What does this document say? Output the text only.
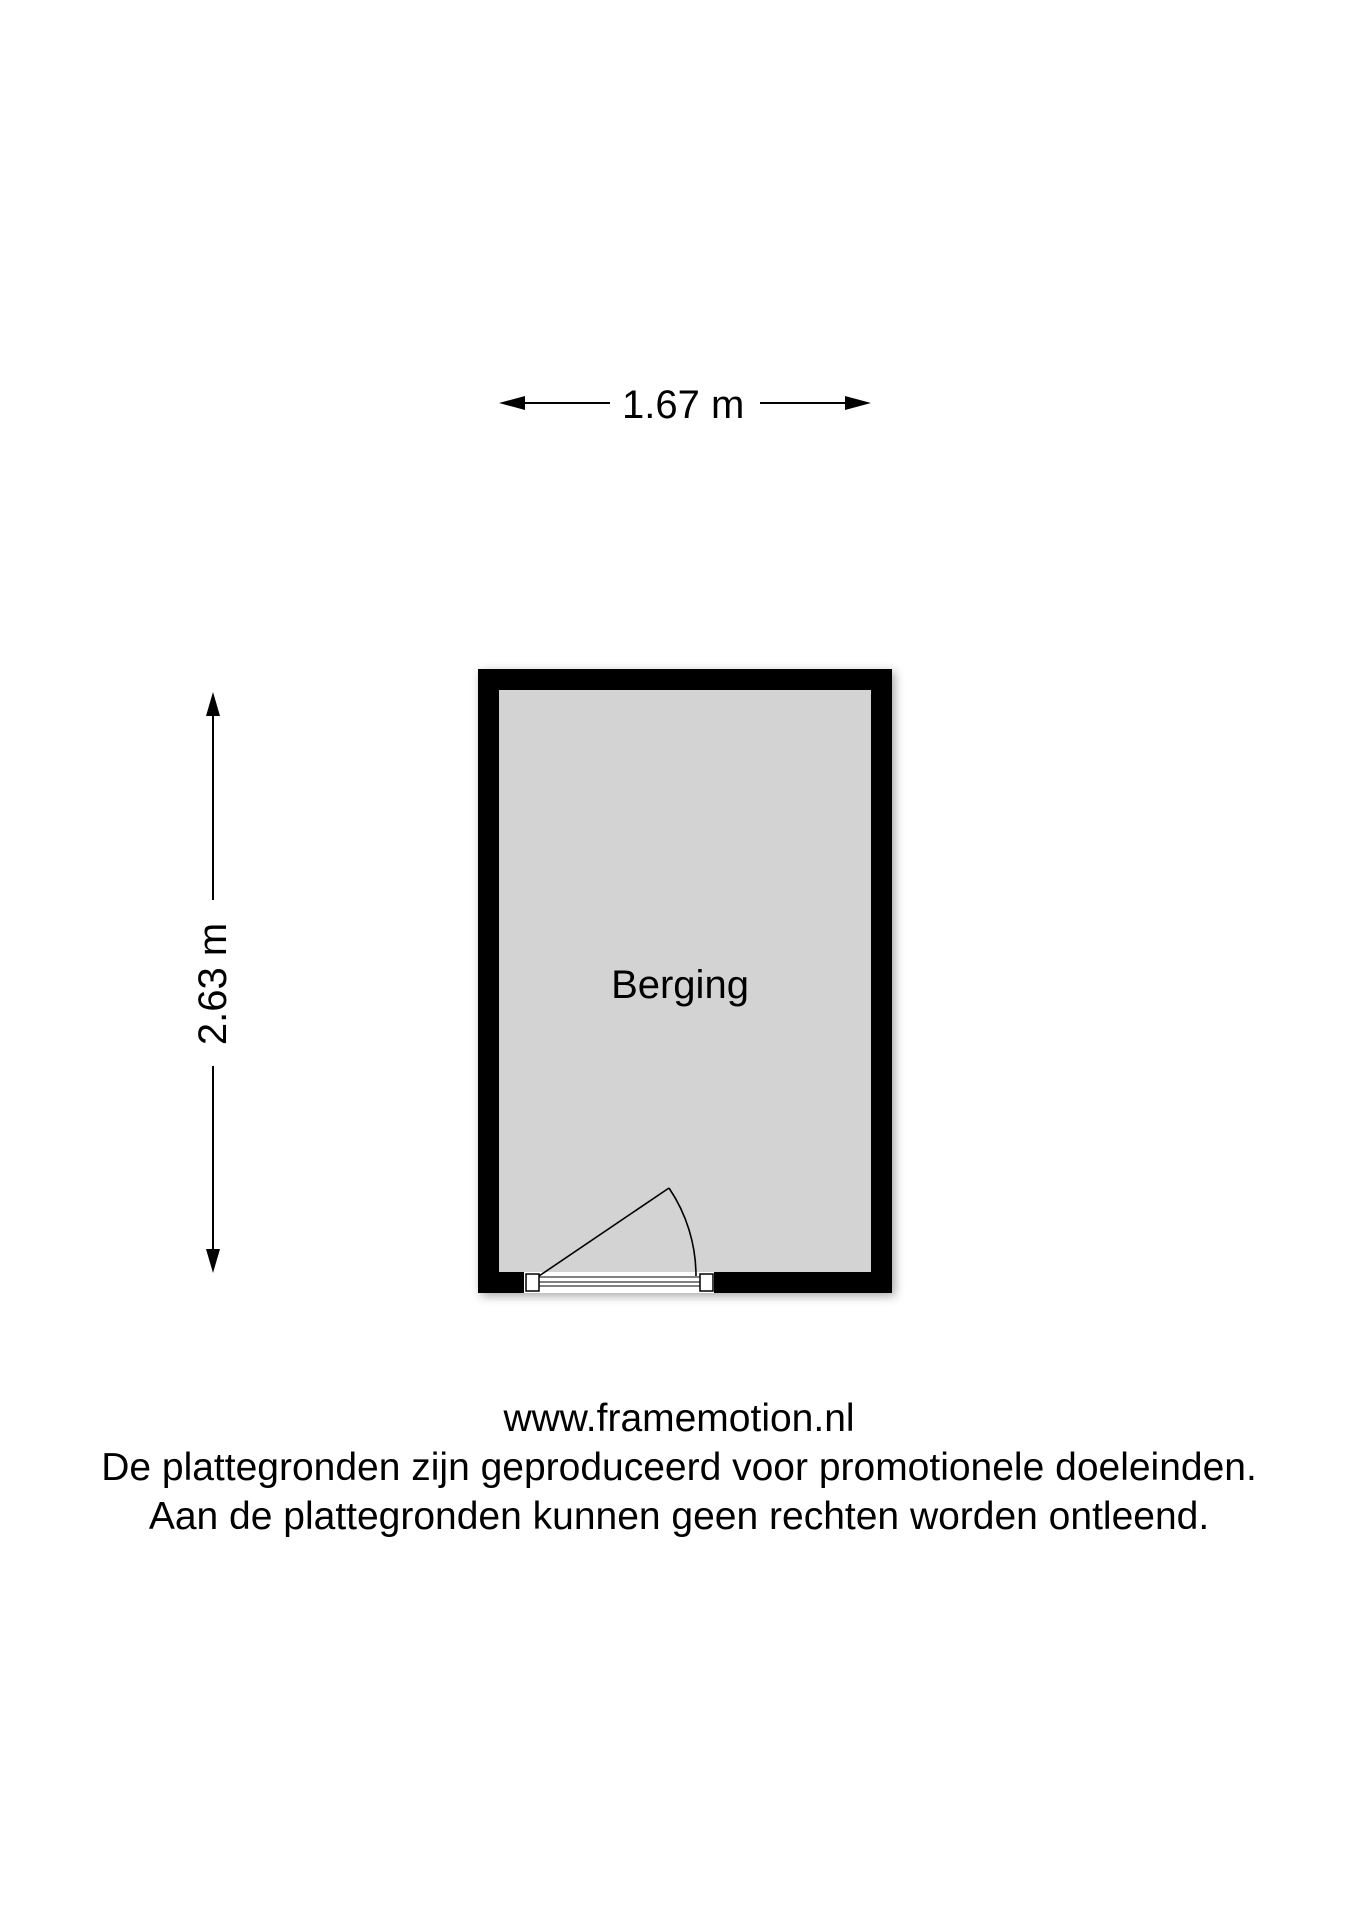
1.67 m
2.63 m	Berging
www.framemotion.nl
De plattegronden zijn geproduceerd voor promotionele doeleinden.
Aan de plattegronden kunnen geen rechten worden ontleend.
